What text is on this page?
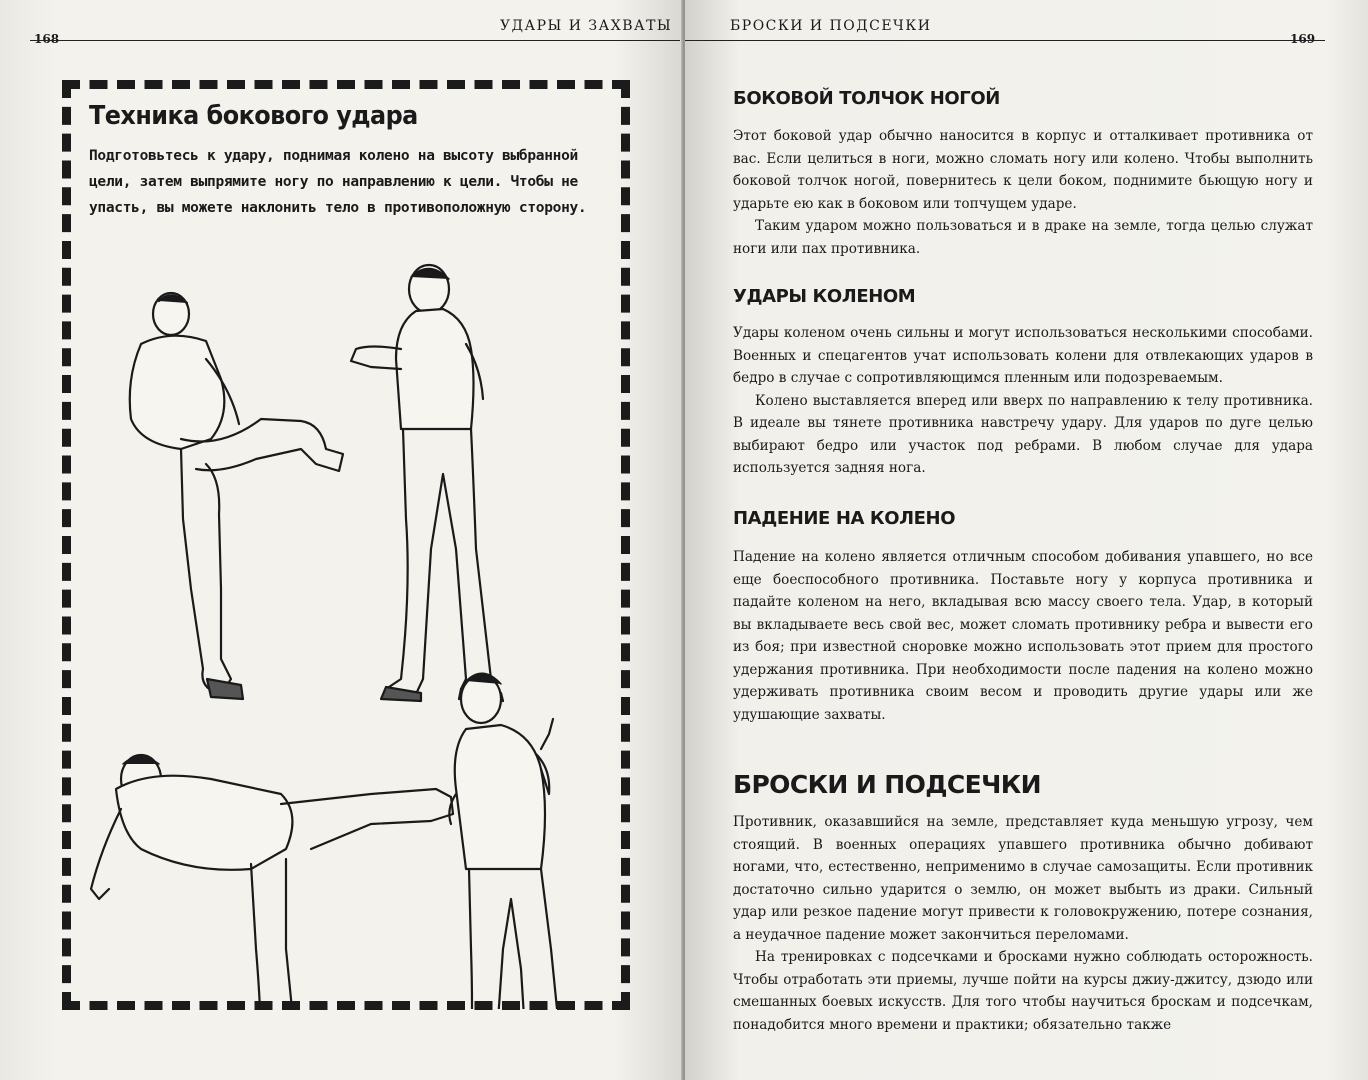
168
УДАРЫ И ЗАХВАТЫ
Техника бокового удара
Подготовьтесь к удару, поднимая колено на высоту выбранной цели, затем выпрямите ногу по направлению к цели. Чтобы не упасть, вы можете наклонить тело в противоположную сторону.
БРОСКИ И ПОДСЕЧКИ
169
БОКОВОЙ ТОЛЧОК НОГОЙ

Этот боковой удар обычно наносится в корпус и отталкивает противника от вас. Если целиться в ноги, можно сломать ногу или колено. Чтобы выполнить боковой толчок ногой, повернитесь к цели боком, поднимите бьющую ногу и ударьте ею как в боковом или топчущем ударе.

Таким ударом можно пользоваться и в драке на земле, тогда целью служат ноги или пах противника.

УДАРЫ КОЛЕНОМ

Удары коленом очень сильны и могут использоваться несколькими способами. Военных и спецагентов учат использовать колени для отвлекающих ударов в бедро в случае с сопротивляющимся пленным или подозреваемым.

Колено выставляется вперед или вверх по направлению к телу противника. В идеале вы тянете противника навстречу удару. Для ударов по дуге целью выбирают бедро или участок под ребрами. В любом случае для удара используется задняя нога.

ПАДЕНИЕ НА КОЛЕНО

Падение на колено является отличным способом добивания упавшего, но все еще боеспособного противника. Поставьте ногу у корпуса противника и падайте коленом на него, вкладывая всю массу своего тела. Удар, в который вы вкладываете весь свой вес, может сломать противнику ребра и вывести его из боя; при известной сноровке можно использовать этот прием для простого удержания противника. При необходимости после падения на колено можно удерживать противника своим весом и проводить другие удары или же удушающие захваты.

БРОСКИ И ПОДСЕЧКИ

Противник, оказавшийся на земле, представляет куда меньшую угрозу, чем стоящий. В военных операциях упавшего противника обычно добивают ногами, что, естественно, неприменимо в случае самозащиты. Если противник достаточно сильно ударится о землю, он может выбыть из драки. Сильный удар или резкое падение могут привести к головокружению, потере сознания, а неудачное падение может закончиться переломами.

На тренировках с подсечками и бросками нужно соблюдать осторожность. Чтобы отработать эти приемы, лучше пойти на курсы джиу-джитсу, дзюдо или смешанных боевых искусств. Для того чтобы научиться броскам и подсечкам, понадобится много времени и практики; обязательно также
